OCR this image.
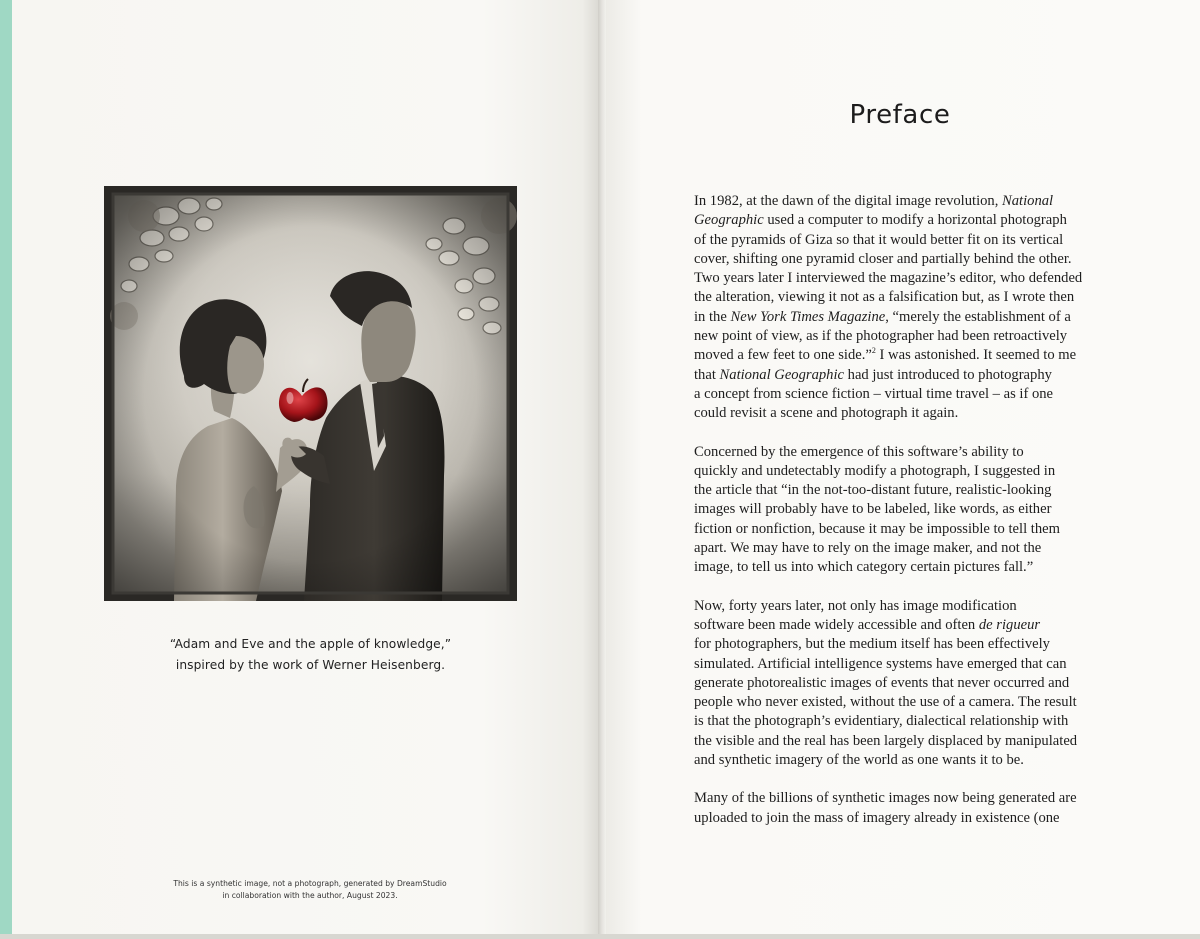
“Adam and Eve and the apple of knowledge,”
inspired by the work of Werner Heisenberg.
This is a synthetic image, not a photograph, generated by DreamStudio
in collaboration with the author, August 2023.
Preface

In 1982, at the dawn of the digital image revolution, National
Geographic used a computer to modify a horizontal photograph
of the pyramids of Giza so that it would better fit on its vertical
cover, shifting one pyramid closer and partially behind the other.
Two years later I interviewed the magazine’s editor, who defended
the alteration, viewing it not as a falsification but, as I wrote then
in the New York Times Magazine, “merely the establishment of a
new point of view, as if the photographer had been retroactively
moved a few feet to one side.”$^2$ I was astonished. It seemed to me
that National Geographic had just introduced to photography
a concept from science fiction – virtual time travel – as if one
could revisit a scene and photograph it again.

Concerned by the emergence of this software’s ability to
quickly and undetectably modify a photograph, I suggested in
the article that “in the not-too-distant future, realistic-looking
images will probably have to be labeled, like words, as either
fiction or nonfiction, because it may be impossible to tell them
apart. We may have to rely on the image maker, and not the
image, to tell us into which category certain pictures fall.”

Now, forty years later, not only has image modification
software been made widely accessible and often de rigueur
for photographers, but the medium itself has been effectively
simulated. Artificial intelligence systems have emerged that can
generate photorealistic images of events that never occurred and
people who never existed, without the use of a camera. The result
is that the photograph’s evidentiary, dialectical relationship with
the visible and the real has been largely displaced by manipulated
and synthetic imagery of the world as one wants it to be.

Many of the billions of synthetic images now being generated are
uploaded to join the mass of imagery already in existence (one
